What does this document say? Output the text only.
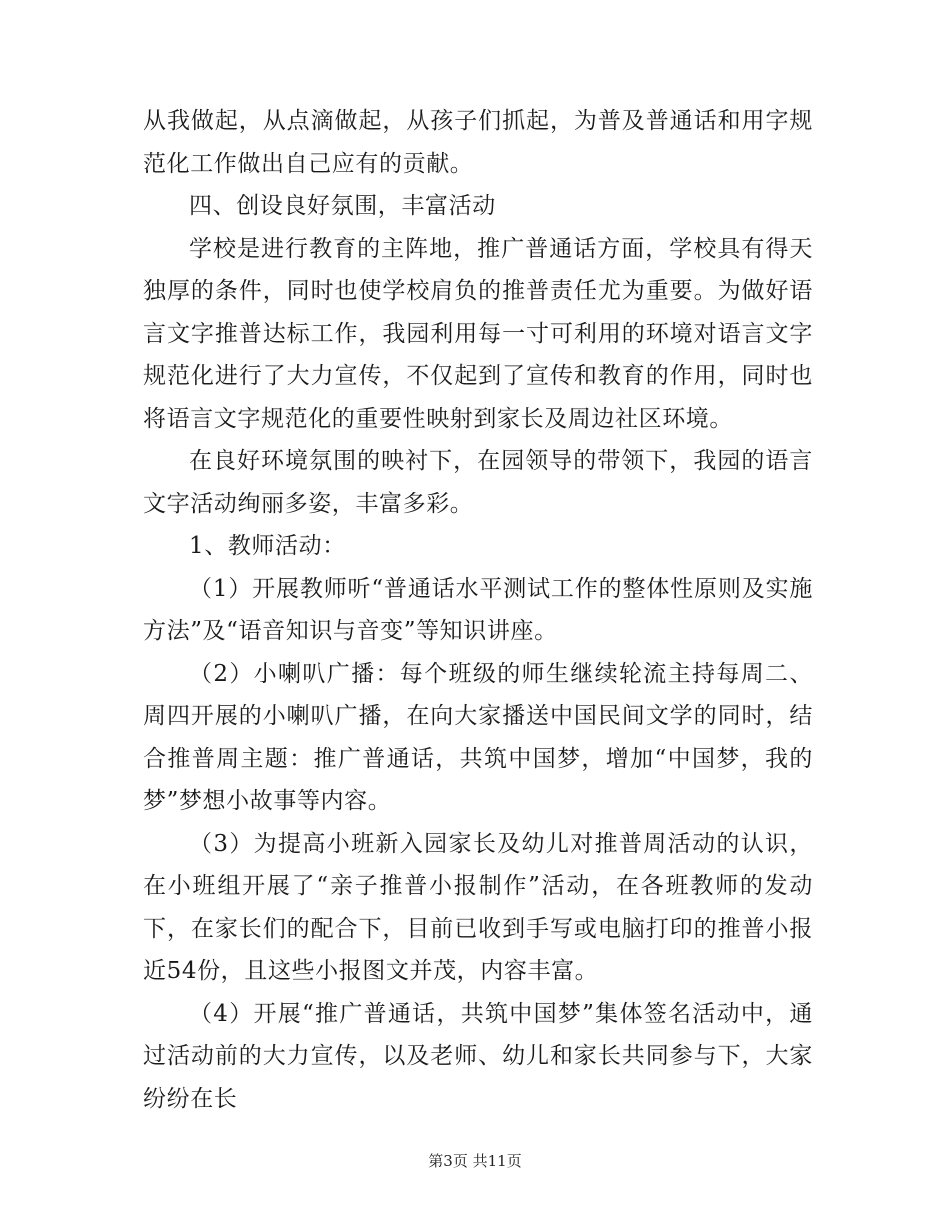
从我做起，从点滴做起，从孩子们抓起，为普及普通话和用字规范化工作做出自己应有的贡献。

四、创设良好氛围，丰富活动

学校是进行教育的主阵地，推广普通话方面，学校具有得天独厚的条件，同时也使学校肩负的推普责任尤为重要。为做好语言文字推普达标工作，我园利用每一寸可利用的环境对语言文字规范化进行了大力宣传，不仅起到了宣传和教育的作用，同时也将语言文字规范化的重要性映射到家长及周边社区环境。

在良好环境氛围的映衬下，在园领导的带领下，我园的语言文字活动绚丽多姿，丰富多彩。

1、教师活动：

（1）开展教师听“普通话水平测试工作的整体性原则及实施方法”及“语音知识与音变”等知识讲座。

（2）小喇叭广播：每个班级的师生继续轮流主持每周二、周四开展的小喇叭广播，在向大家播送中国民间文学的同时，结合推普周主题：推广普通话，共筑中国梦，增加“中国梦，我的梦”梦想小故事等内容。

（3）为提高小班新入园家长及幼儿对推普周活动的认识，在小班组开展了“亲子推普小报制作”活动，在各班教师的发动下，在家长们的配合下，目前已收到手写或电脑打印的推普小报近54份，且这些小报图文并茂，内容丰富。

（4）开展“推广普通话，共筑中国梦”集体签名活动中，通过活动前的大力宣传，以及老师、幼儿和家长共同参与下，大家纷纷在长

第3页 共11页
